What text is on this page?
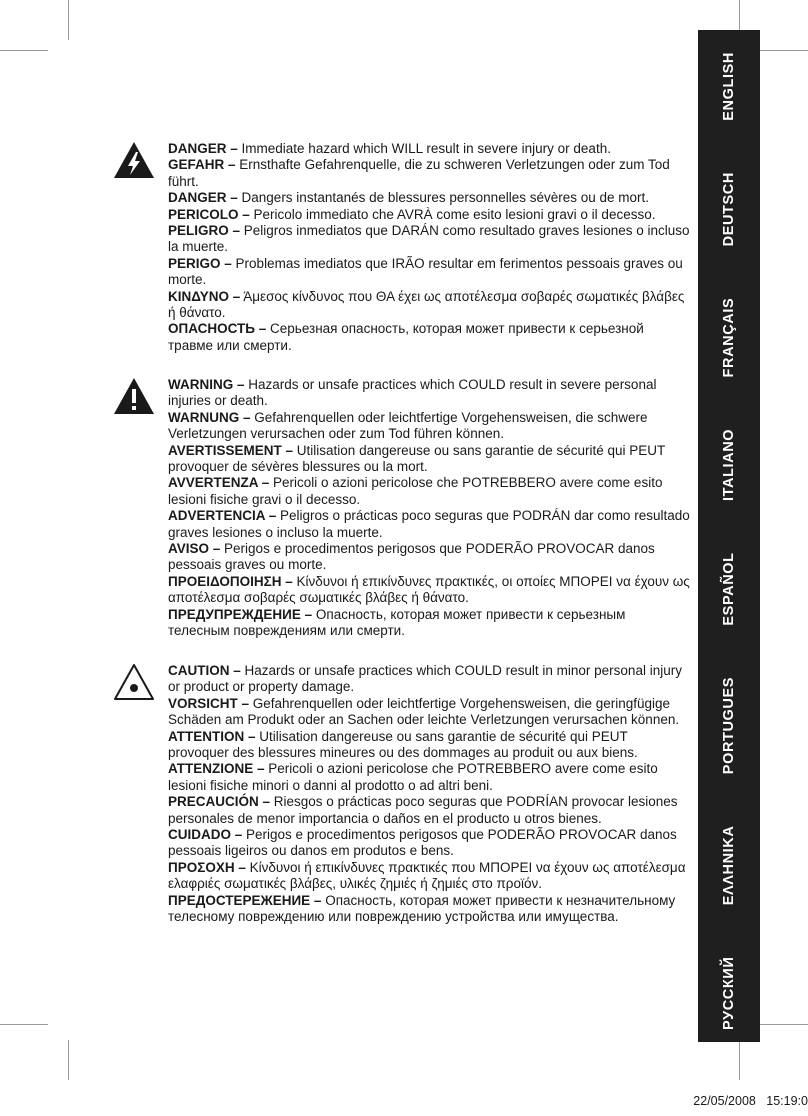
РУССКИЙ
ΕΛΛΗΝΙΚΑ
PORTUGUES
ESPAÑOL
ITALIANO
FRANÇAIS
DEUTSCH
ENGLISH

DANGER – Immediate hazard which WILL result in severe injury or death.

GEFAHR – Ernsthafte Gefahrenquelle, die zu schweren Verletzungen oder zum Tod führt.

DANGER – Dangers instantanés de blessures personnelles sévères ou de mort.

PERICOLO – Pericolo immediato che AVRÀ come esito lesioni gravi o il decesso.

PELIGRO – Peligros inmediatos que DARÁN como resultado graves lesiones o incluso la muerte.

PERIGO – Problemas imediatos que IRÃO resultar em ferimentos pessoais graves ou morte.

ΚΙΝΔΥΝΟ – Άμεσος κίνδυνος που ΘΑ έχει ως αποτέλεσμα σοβαρές σωματικές βλάβες ή θάνατο.

ОПАСНОСТЬ – Серьезная опасность, которая может привести к серьезной травме или смерти.

WARNING – Hazards or unsafe practices which COULD result in severe personal injuries or death.

WARNUNG – Gefahrenquellen oder leichtfertige Vorgehensweisen, die schwere Verletzungen verursachen oder zum Tod führen können.

AVERTISSEMENT – Utilisation dangereuse ou sans garantie de sécurité qui PEUT provoquer de sévères blessures ou la mort.

AVVERTENZA – Pericoli o azioni pericolose che POTREBBERO avere come esito lesioni fisiche gravi o il decesso.

ADVERTENCIA – Peligros o prácticas poco seguras que PODRÁN dar como resultado graves lesiones o incluso la muerte.

AVISO – Perigos e procedimentos perigosos que PODERÃO PROVOCAR danos pessoais graves ou morte.

ΠΡΟΕΙΔΟΠΟΙΗΣΗ – Κίνδυνοι ή επικίνδυνες πρακτικές, οι οποίες ΜΠΟΡΕΙ να έχουν ως αποτέλεσμα σοβαρές σωματικές βλάβες ή θάνατο.

ПРЕДУПРЕЖДЕНИЕ – Опасность, которая может привести к серьезным телесным повреждениям или смерти.

CAUTION – Hazards or unsafe practices which COULD result in minor personal injury or product or property damage.

VORSICHT – Gefahrenquellen oder leichtfertige Vorgehensweisen, die geringfügige Schäden am Produkt oder an Sachen oder leichte Verletzungen verursachen können.

ATTENTION – Utilisation dangereuse ou sans garantie de sécurité qui PEUT provoquer des blessures mineures ou des dommages au produit ou aux biens.

ATTENZIONE – Pericoli o azioni pericolose che POTREBBERO avere come esito lesioni fisiche minori o danni al prodotto o ad altri beni.

PRECAUCIÓN – Riesgos o prácticas poco seguras que PODRÍAN provocar lesiones personales de menor importancia o daños en el producto u otros bienes.

CUIDADO – Perigos e procedimentos perigosos que PODERÃO PROVOCAR danos pessoais ligeiros ou danos em produtos e bens.

ΠΡΟΣΟΧΗ – Κίνδυνοι ή επικίνδυνες πρακτικές που ΜΠΟΡΕΙ να έχουν ως αποτέλεσμα ελαφριές σωματικές βλάβες, υλικές ζημιές ή ζημιές στο προϊόν.

ПРЕДОСТЕРЕЖЕНИЕ – Опасность, которая может привести к незначительному телесному повреждению или повреждению устройства или имущества.

22/05/2008 15:19:0
